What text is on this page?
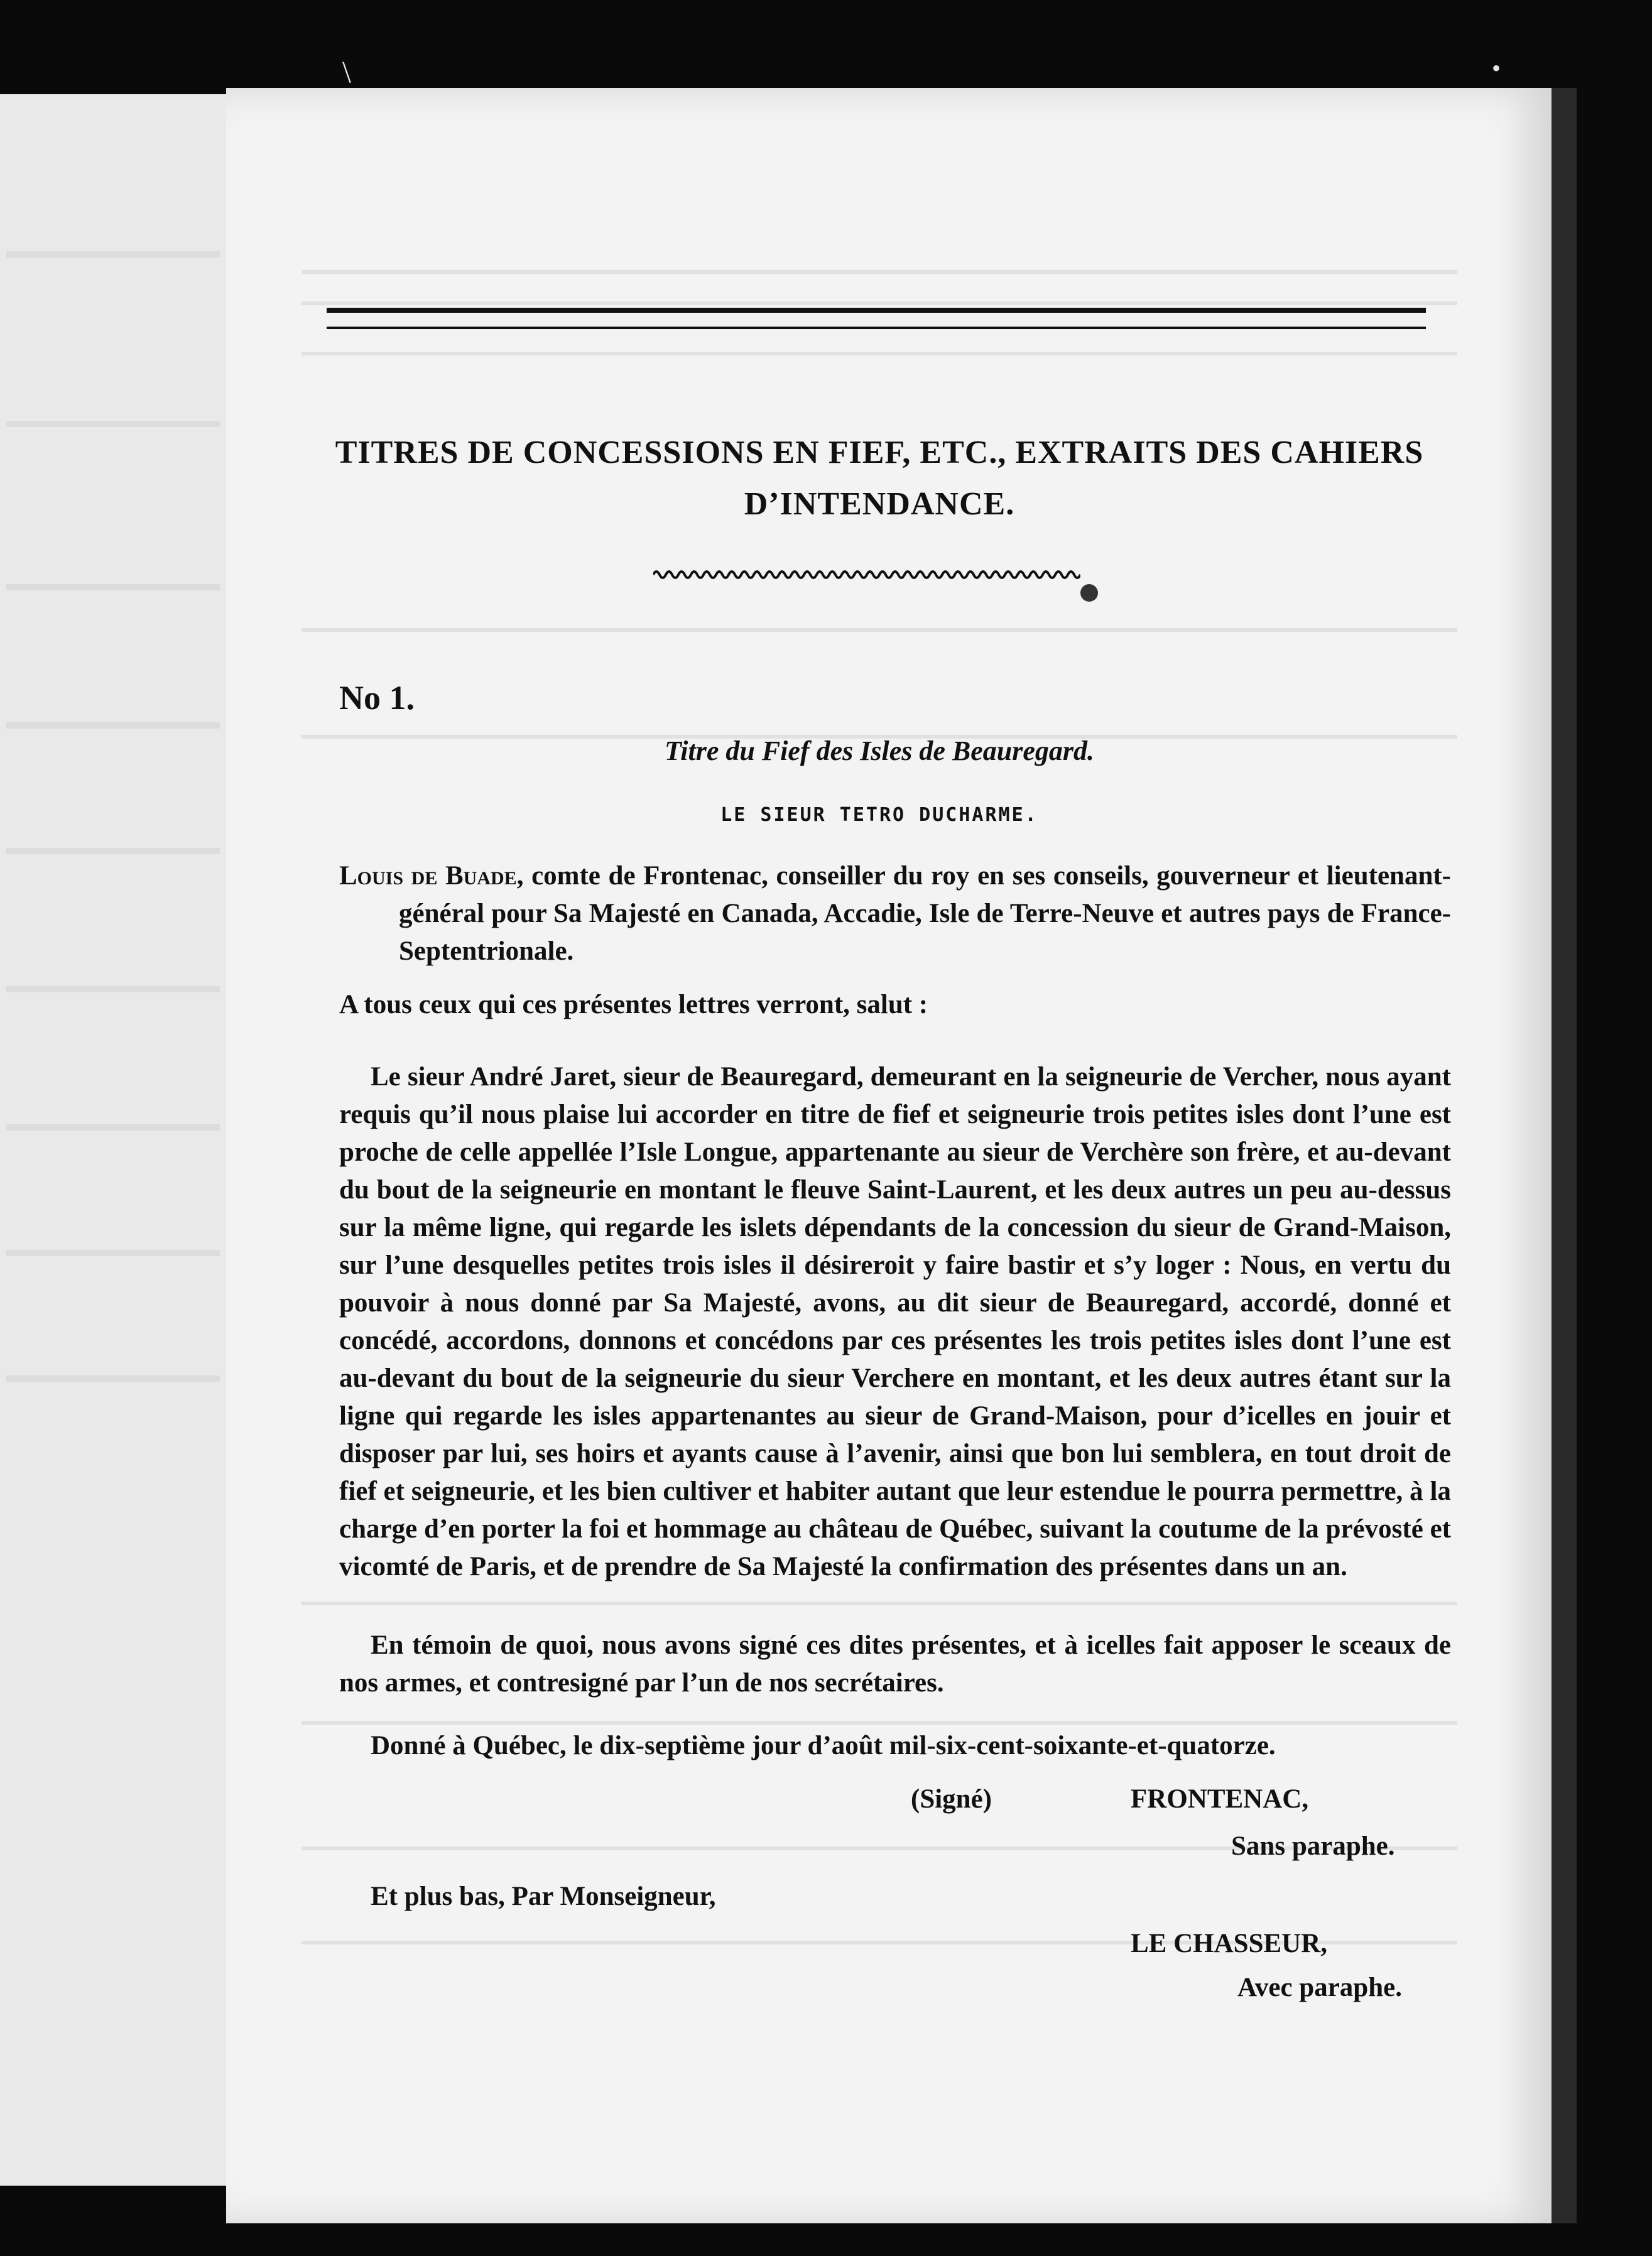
TITRES DE CONCESSIONS EN FIEF, ETC., EXTRAITS DES CAHIERS
D’INTENDANCE.
No 1.
Titre du Fief des Isles de Beauregard.
LE SIEUR TETRO DUCHARME.

Louis de Buade, comte de Frontenac, conseiller du roy en ses conseils, gouverneur et lieutenant-général pour Sa Majesté en Canada, Accadie, Isle de Terre-Neuve et autres pays de France-Septentrionale.

A tous ceux qui ces présentes lettres verront, salut :

Le sieur André Jaret, sieur de Beauregard, demeurant en la seigneurie de Vercher, nous ayant requis qu’il nous plaise lui accorder en titre de fief et seigneurie trois petites isles dont l’une est proche de celle appellée l’Isle Longue, appartenante au sieur de Verchère son frère, et au-devant du bout de la seigneurie en montant le fleuve Saint-Laurent, et les deux autres un peu au-dessus sur la même ligne, qui regarde les islets dépendants de la concession du sieur de Grand-Maison, sur l’une desquelles petites trois isles il désireroit y faire bastir et s’y loger : Nous, en vertu du pouvoir à nous donné par Sa Majesté, avons, au dit sieur de Beauregard, accordé, donné et concédé, accordons, donnons et concédons par ces présentes les trois petites isles dont l’une est au-devant du bout de la seigneurie du sieur Verchere en montant, et les deux autres étant sur la ligne qui regarde les isles appartenantes au sieur de Grand-Maison, pour d’icelles en jouir et disposer par lui, ses hoirs et ayants cause à l’avenir, ainsi que bon lui semblera, en tout droit de fief et seigneurie, et les bien cultiver et habiter autant que leur estendue le pourra permettre, à la charge d’en porter la foi et hommage au château de Québec, suivant la coutume de la prévosté et vicomté de Paris, et de prendre de Sa Majesté la confirmation des présentes dans un an.

En témoin de quoi, nous avons signé ces dites présentes, et à icelles fait apposer le sceaux de nos armes, et contresigné par l’un de nos secrétaires.

Donné à Québec, le dix-septième jour d’août mil-six-cent-soixante-et-quatorze.

(Signé)	FRONTENAC,
Sans paraphe.
Et plus bas, Par Monseigneur,
LE CHASSEUR,
Avec paraphe.
\	•
